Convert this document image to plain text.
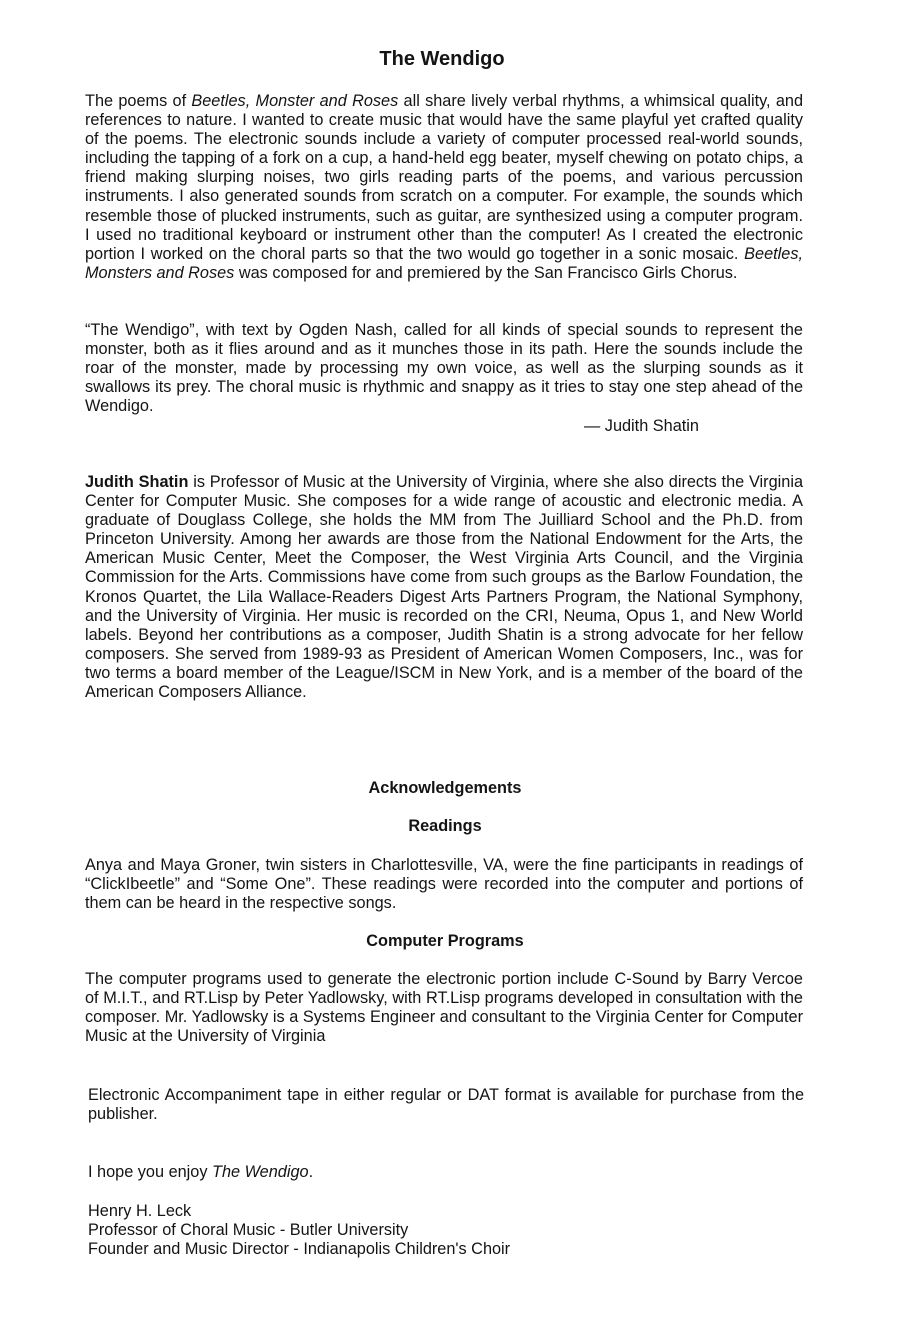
The Wendigo
The poems of Beetles, Monster and Roses all share lively verbal rhythms, a whimsical quality, and references to nature. I wanted to create music that would have the same playful yet crafted quality of the poems. The electronic sounds include a variety of computer processed real-world sounds, including the tapping of a fork on a cup, a hand-held egg beater, myself chewing on potato chips, a friend making slurping noises, two girls reading parts of the poems, and various percussion instruments. I also generated sounds from scratch on a computer. For example, the sounds which resemble those of plucked instruments, such as guitar, are synthesized using a computer program. I used no traditional keyboard or instrument other than the computer! As I created the electronic portion I worked on the choral parts so that the two would go together in a sonic mosaic. Beetles, Monsters and Roses was composed for and premiered by the San Francisco Girls Chorus.
“The Wendigo”, with text by Ogden Nash, called for all kinds of special sounds to represent the monster, both as it flies around and as it munches those in its path. Here the sounds include the roar of the monster, made by processing my own voice, as well as the slurping sounds as it swallows its prey. The choral music is rhythmic and snappy as it tries to stay one step ahead of the Wendigo.
— Judith Shatin
Judith Shatin is Professor of Music at the University of Virginia, where she also directs the Virginia Center for Computer Music. She composes for a wide range of acoustic and electronic media. A graduate of Douglass College, she holds the MM from The Juilliard School and the Ph.D. from Princeton University. Among her awards are those from the National Endowment for the Arts, the American Music Center, Meet the Composer, the West Virginia Arts Council, and the Virginia Commission for the Arts. Commissions have come from such groups as the Barlow Foundation, the Kronos Quartet, the Lila Wallace-Readers Digest Arts Partners Program, the National Symphony, and the University of Virginia. Her music is recorded on the CRI, Neuma, Opus 1, and New World labels. Beyond her contributions as a composer, Judith Shatin is a strong advocate for her fellow composers. She served from 1989-93 as President of American Women Composers, Inc., was for two terms a board member of the League/ISCM in New York, and is a member of the board of the American Composers Alliance.
Acknowledgements
Readings
Anya and Maya Groner, twin sisters in Charlottesville, VA, were the fine participants in readings of “ClickIbeetle” and “Some One”. These readings were recorded into the computer and portions of them can be heard in the respective songs.
Computer Programs
The computer programs used to generate the electronic portion include C-Sound by Barry Vercoe of M.I.T., and RT.Lisp by Peter Yadlowsky, with RT.Lisp programs developed in consultation with the composer. Mr. Yadlowsky is a Systems Engineer and consultant to the Virginia Center for Computer Music at the University of Virginia
Electronic Accompaniment tape in either regular or DAT format is available for purchase from the publisher.
I hope you enjoy The Wendigo.
Henry H. Leck
Professor of Choral Music - Butler University
Founder and Music Director - Indianapolis Children's Choir
